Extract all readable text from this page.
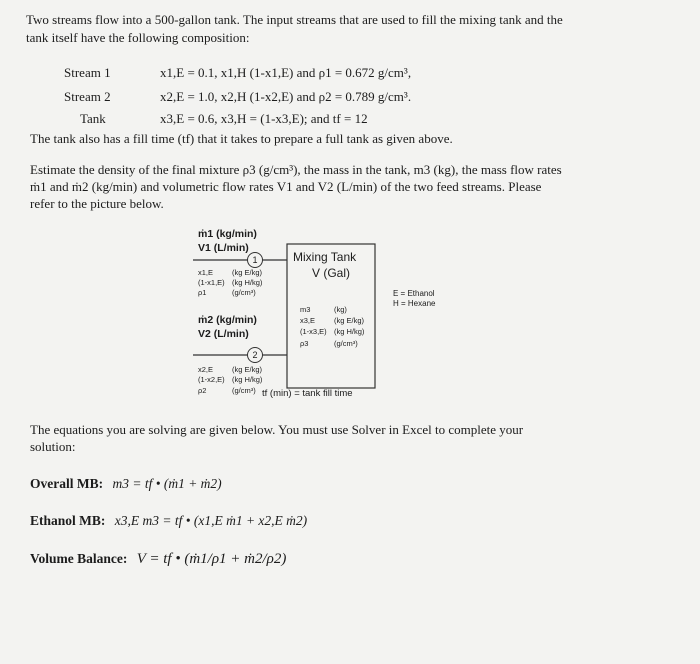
Two streams flow into a 500-gallon tank. The input streams that are used to fill the mixing tank and the
tank itself have the following composition:
Stream 1	x1,E = 0.1, x1,H (1-x1,E) and ρ1 = 0.672 g/cm³,
Stream 2	x2,E = 1.0, x2,H (1-x2,E) and ρ2 = 0.789 g/cm³.
Tank	x3,E = 0.6, x3,H = (1-x3,E); and tf = 12
The tank also has a fill time (tf) that it takes to prepare a full tank as given above.
Estimate the density of the final mixture ρ3 (g/cm³), the mass in the tank, m3 (kg), the mass flow rates
ṁ1 and ṁ2 (kg/min) and volumetric flow rates V1 and V2 (L/min) of the two feed streams. Please
refer to the picture below.
ṁ1 (kg/min)
V1 (L/min)
1
x1,E	(kg E/kg)
(1-x1,E) (kg H/kg)
ρ1	(g/cm³)
ṁ2 (kg/min)
V2 (L/min)
2
x2,E	(kg E/kg)
(1-x2,E) (kg H/kg)
ρ2	(g/cm³)
Mixing Tank
V (Gal)
m3	(kg)
x3,E	(kg E/kg)
(1-x3,E) (kg H/kg)
ρ3	(g/cm³)
E = Ethanol
H = Hexane
tf (min) = tank fill time
The equations you are solving are given below. You must use Solver in Excel to complete your
solution:
Overall MB: m3 = tf • (ṁ1 + ṁ2)
Ethanol MB: x3,E m3 = tf • (x1,E ṁ1 + x2,E ṁ2)
Volume Balance: V = tf • (ṁ1/ρ1 + ṁ2/ρ2)
